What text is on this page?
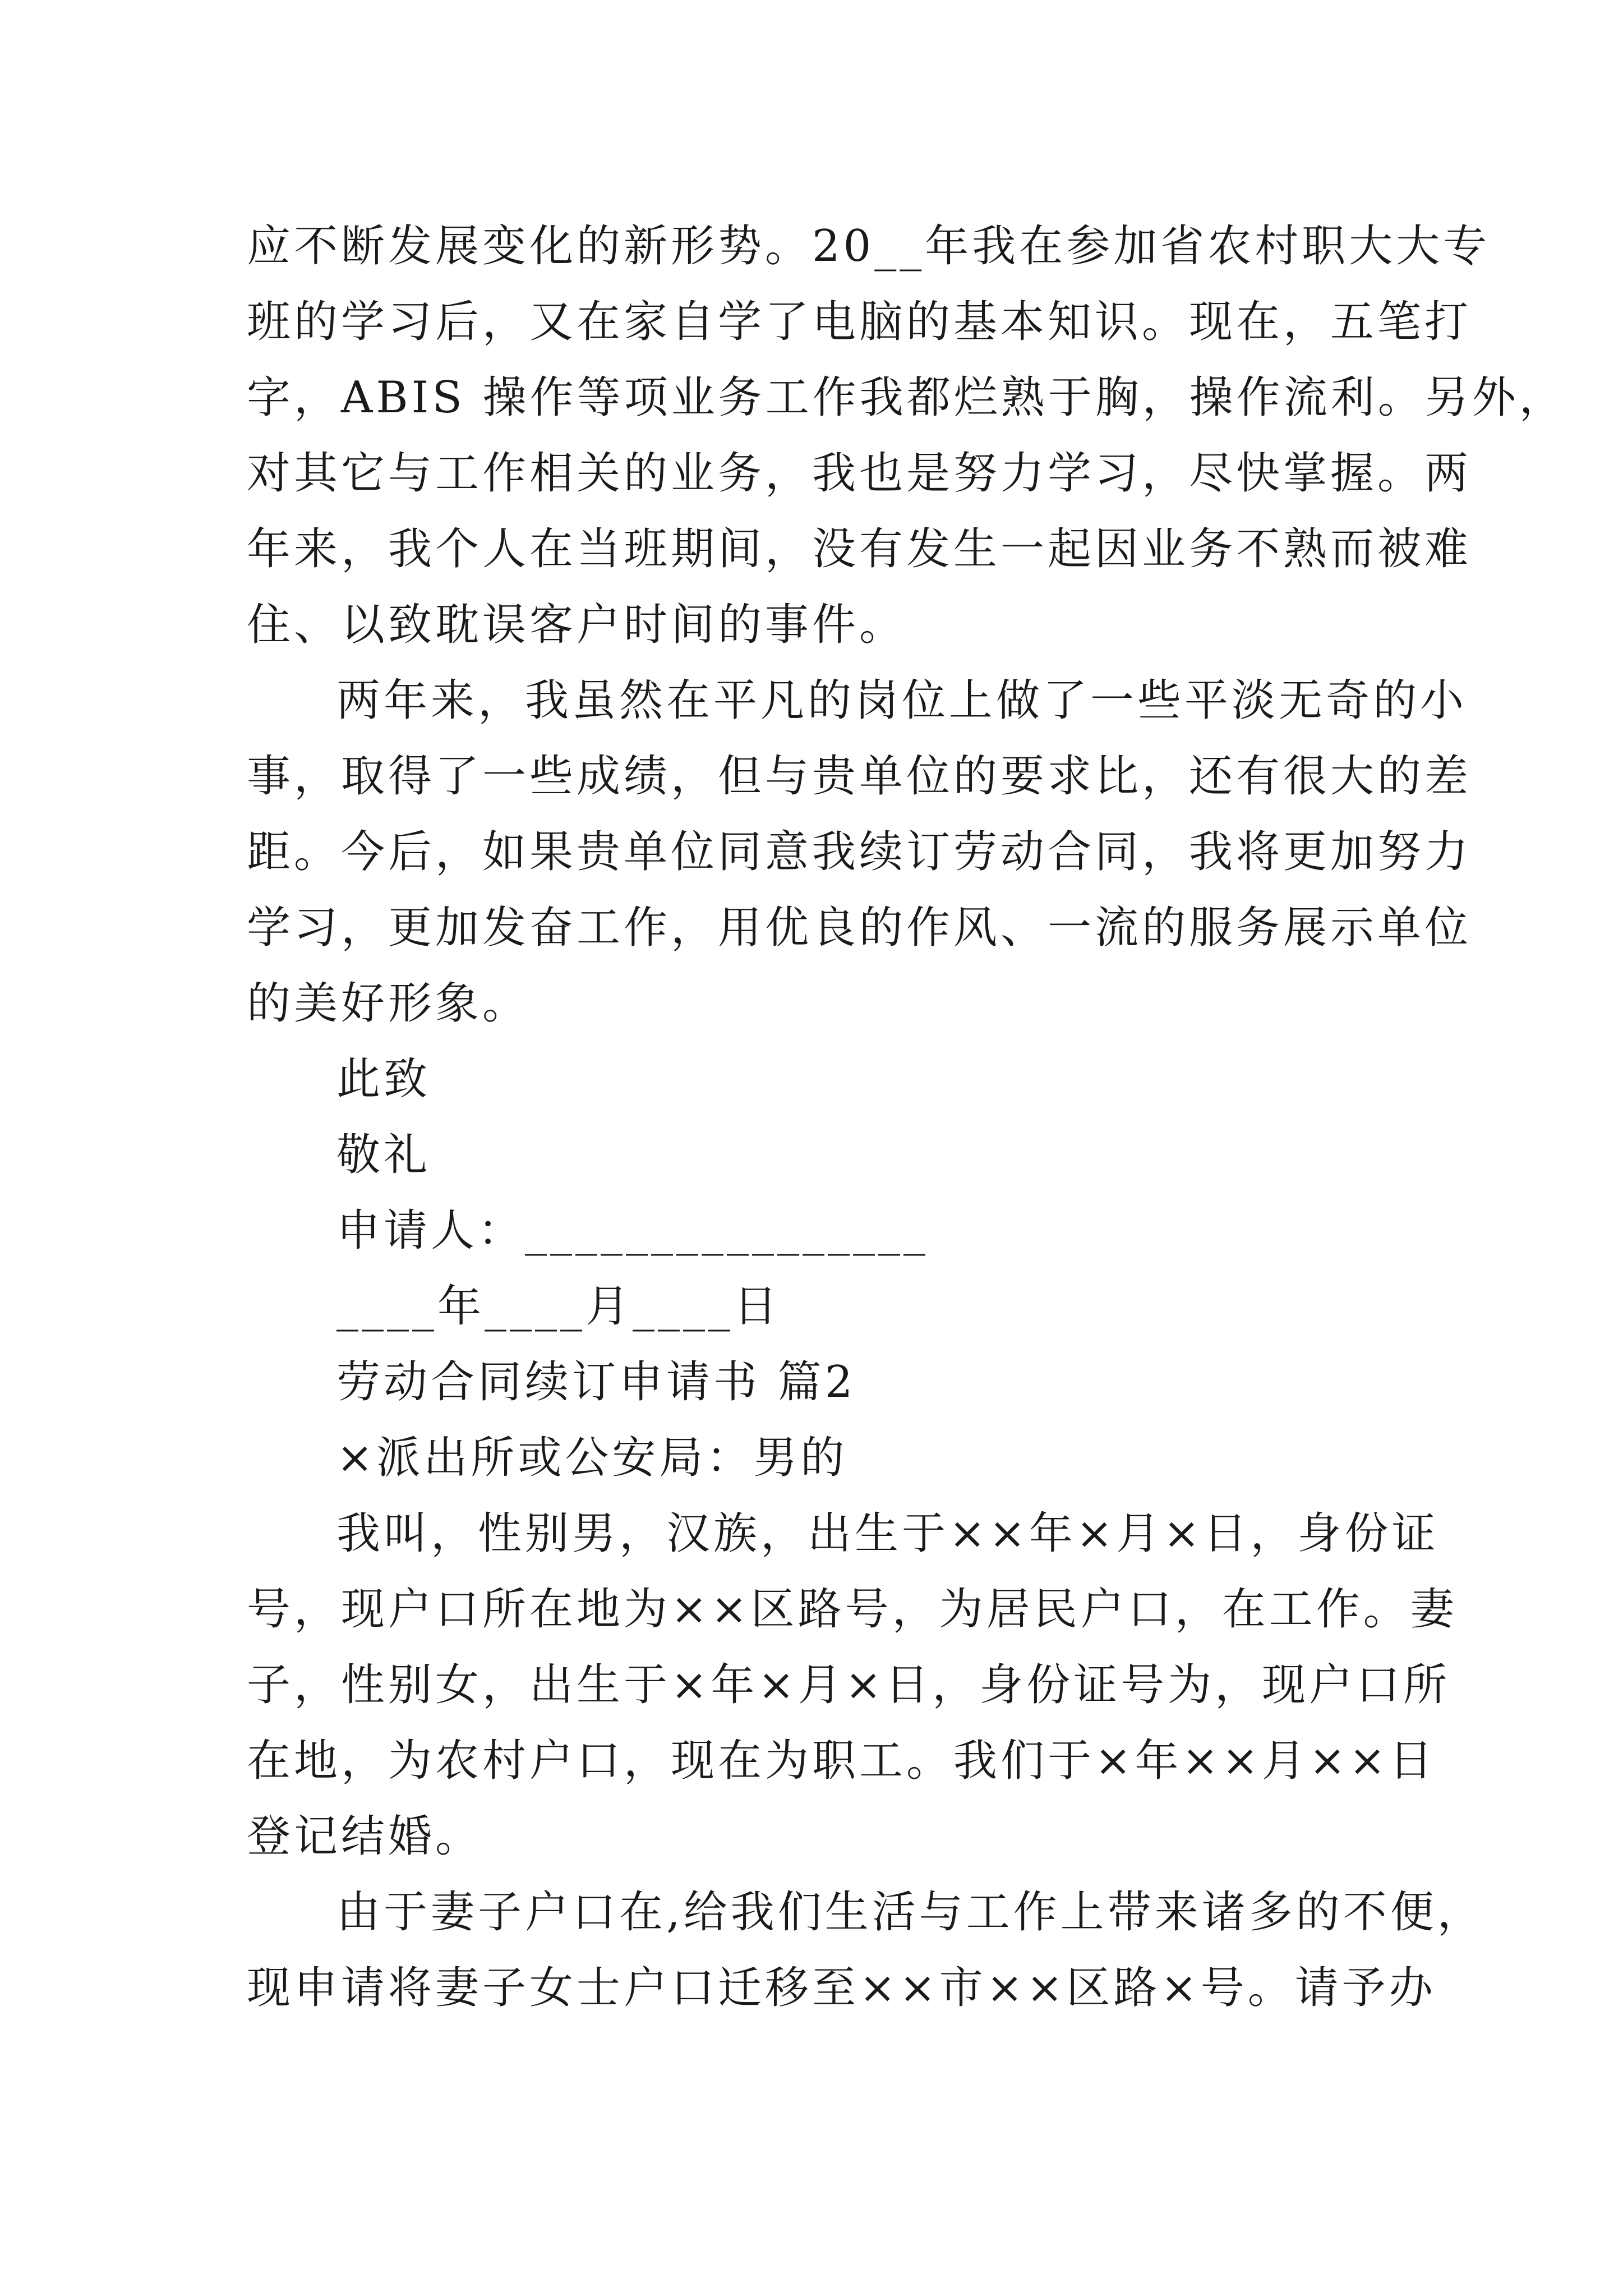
应不断发展变化的新形势。20__年我在参加省农村职大大专
班的学习后，又在家自学了电脑的基本知识。现在，五笔打
字，ABIS 操作等项业务工作我都烂熟于胸，操作流利。另外，
对其它与工作相关的业务，我也是努力学习，尽快掌握。两
年来，我个人在当班期间，没有发生一起因业务不熟而被难
住、以致耽误客户时间的事件。
两年来，我虽然在平凡的岗位上做了一些平淡无奇的小
事，取得了一些成绩，但与贵单位的要求比，还有很大的差
距。今后，如果贵单位同意我续订劳动合同，我将更加努力
学习，更加发奋工作，用优良的作风、一流的服务展示单位
的美好形象。
此致
敬礼
申请人：________________
____年____月____日
劳动合同续订申请书 篇2
×派出所或公安局：男的
我叫，性别男，汉族，出生于××年×月×日，身份证
号，现户口所在地为××区路号，为居民户口，在工作。妻
子，性别女，出生于×年×月×日，身份证号为，现户口所
在地，为农村户口，现在为职工。我们于×年××月××日
登记结婚。
由于妻子户口在,给我们生活与工作上带来诸多的不便，
现申请将妻子女士户口迁移至××市××区路×号。请予办
